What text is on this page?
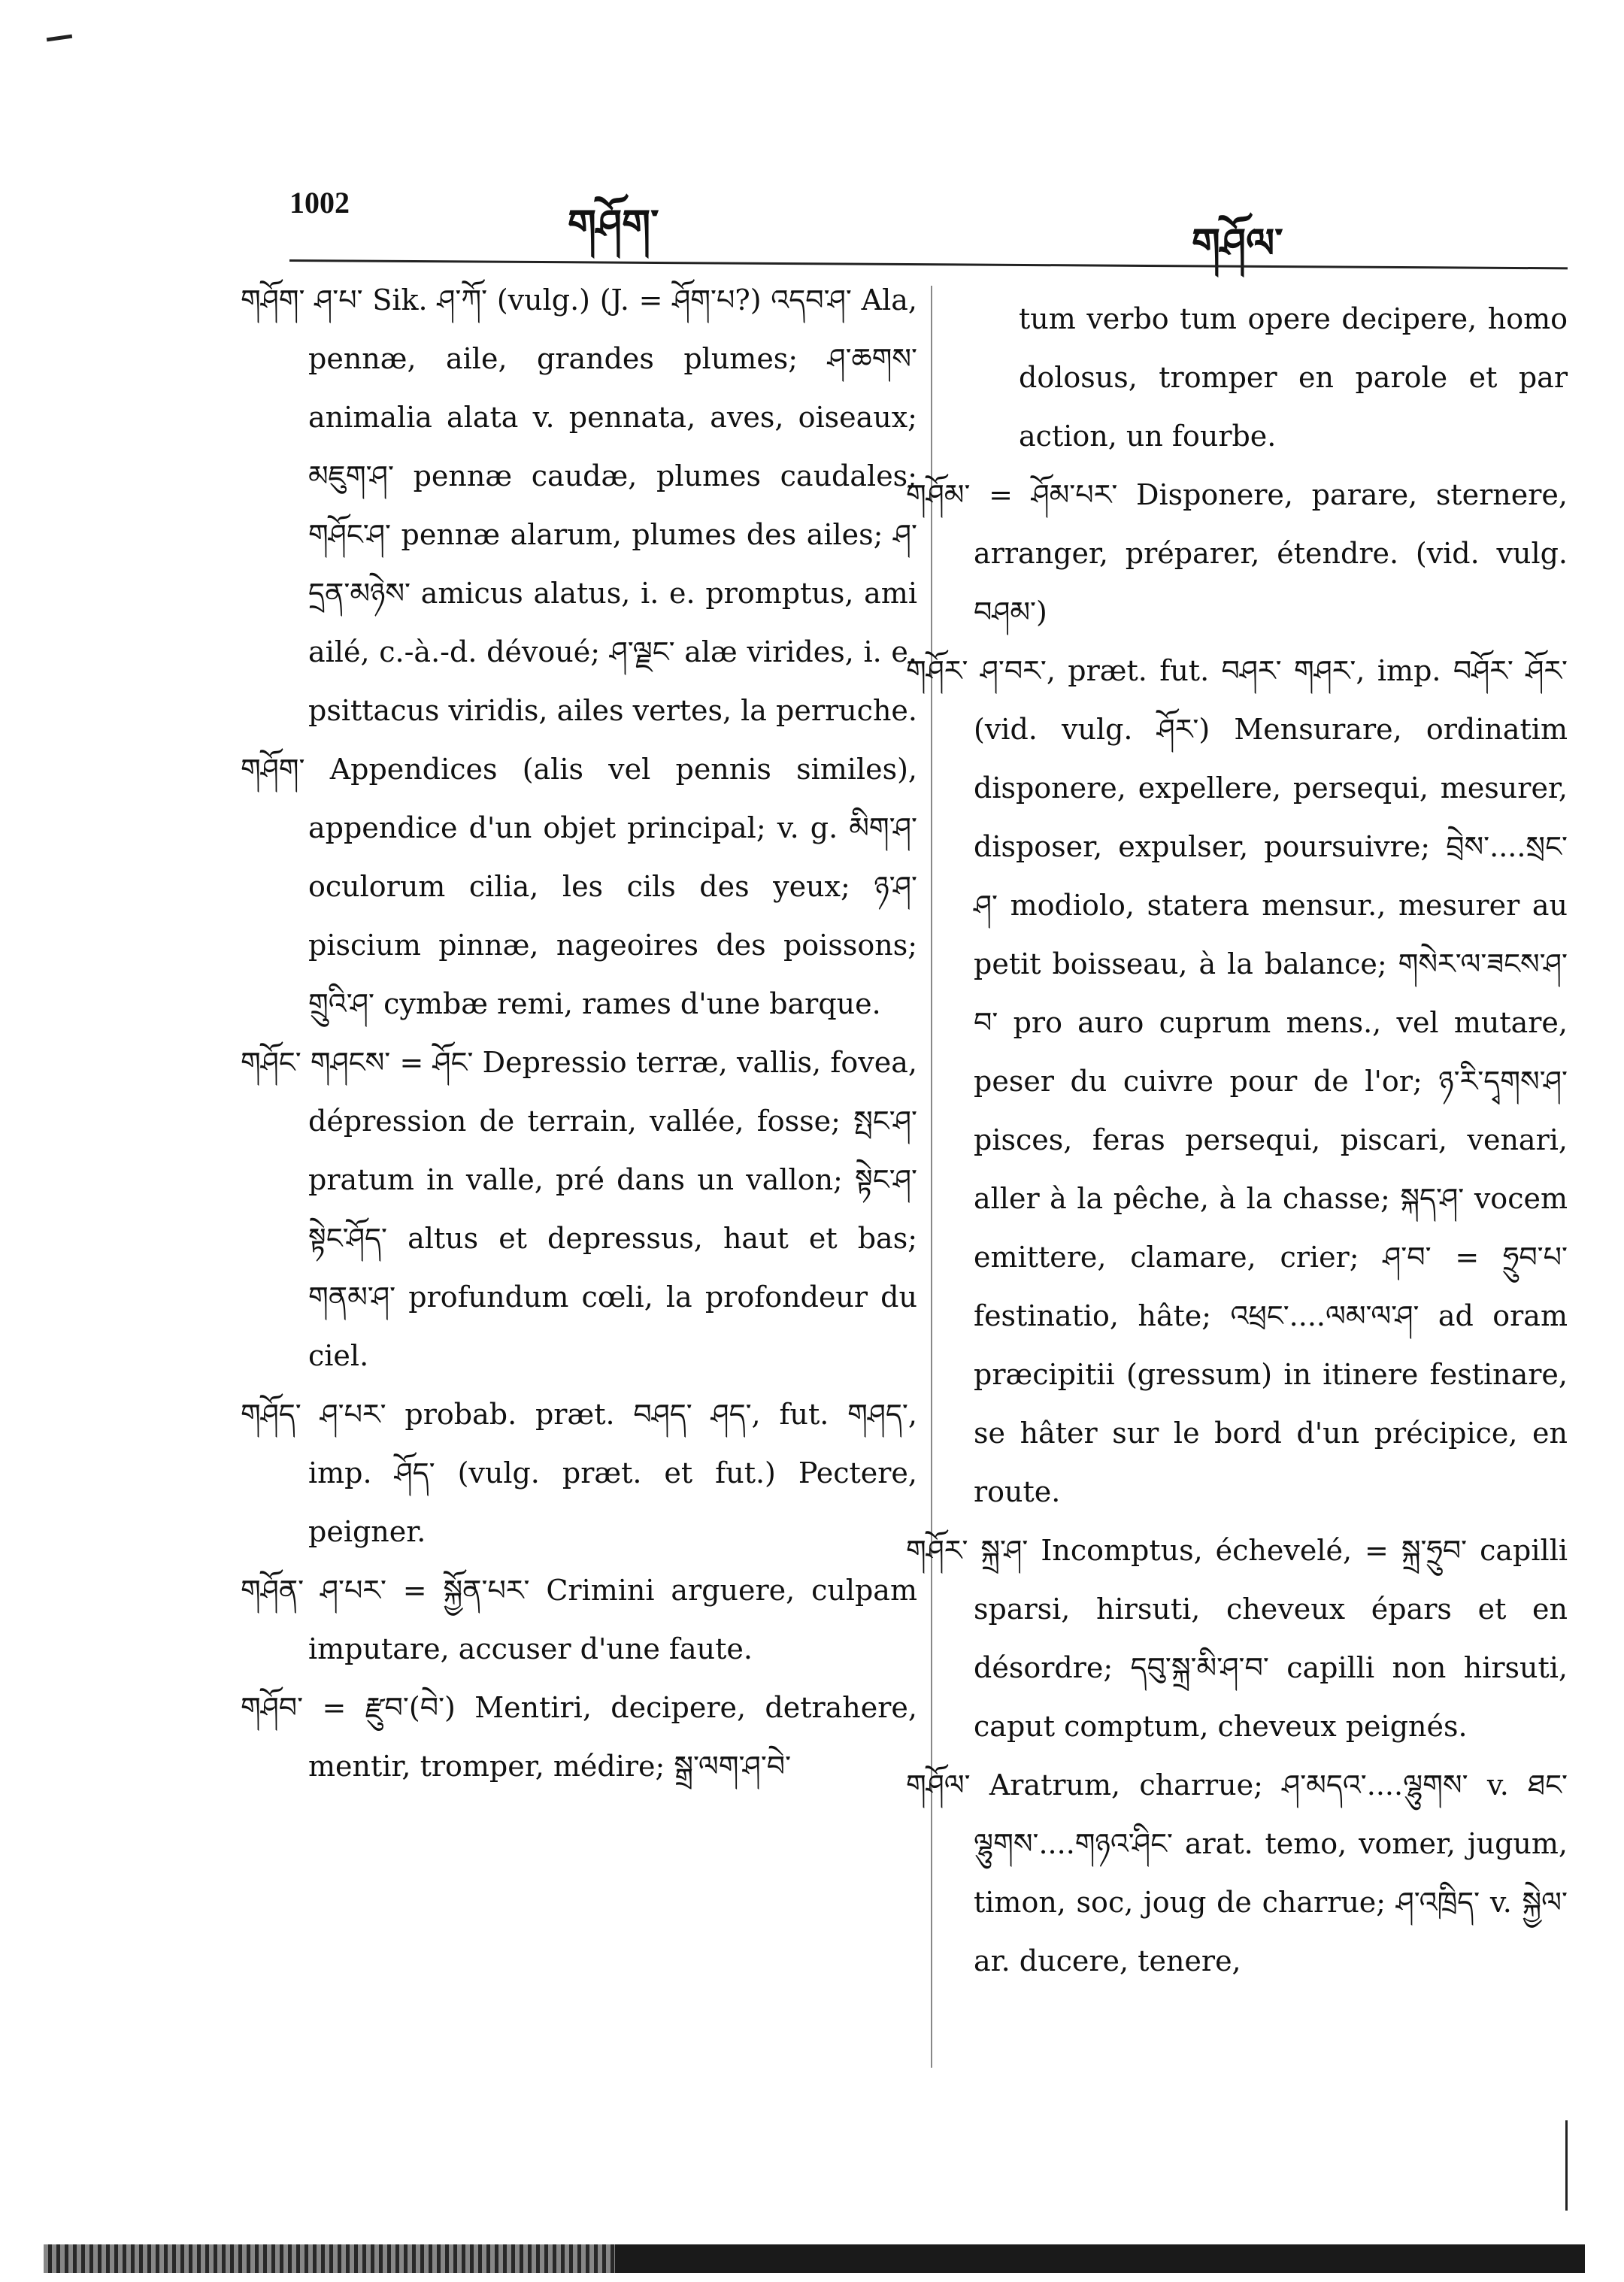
1002	གཤོག་	གཤོལ་

གཤོག་ ཤ་པ་ Sik. ཤ་ཀོ་ (vulg.) (J. = ཤོག་པ?) འདབ་ཤ་ Ala, pennæ, aile, grandes plumes; ཤ་ཆགས་ animalia alata v. pennata, aves, oiseaux; མཇུག་ཤ་ pennæ caudæ, plumes caudales; གཤོང་ཤ་ pennæ alarum, plumes des ailes; ཤ་དྲན་མཉེས་ amicus alatus, i. e. promptus, ami ailé, c.-à.-d. dévoué; ཤ་ལྗང་ alæ virides, i. e. psittacus viridis, ailes vertes, la perruche.

གཤོག་ Appendices (alis vel pennis similes), appendice d'un objet principal; v. g. མིག་ཤ་ oculorum cilia, les cils des yeux; ཉ་ཤ་ piscium pinnæ, nageoires des poissons; གྲུའི་ཤ་ cymbæ remi, rames d'une barque.

གཤོང་ གཤངས་ = ཤོང་ Depressio terræ, vallis, fovea, dépression de terrain, vallée, fosse; སྤང་ཤ་ pratum in valle, pré dans un vallon; སྟེང་ཤ་ སྟེང་ཤོད་ altus et depressus, haut et bas; གནམ་ཤ་ profundum cœli, la profondeur du ciel.

གཤོད་ ཤ་པར་ probab. præt. བཤད་ ཤད་, fut. གཤད་, imp. ཤོད་ (vulg. præt. et fut.) Pectere, peigner.

གཤོན་ ཤ་པར་ = སྐྱོན་པར་ Crimini arguere, culpam imputare, accuser d'une faute.

གཤོབ་ = རྫུབ་(བེ་) Mentiri, decipere, detrahere, mentir, tromper, médire; སྒྲ་ལག་ཤ་བེ་

tum verbo tum opere decipere, homo dolosus, tromper en parole et par action, un fourbe.

གཤོམ་ = ཤོམ་པར་ Disponere, parare, sternere, arranger, préparer, étendre. (vid. vulg. བཤམ་)

གཤོར་ ཤ་བར་, præt. fut. བཤར་ གཤར་, imp. བཤོར་ ཤོར་ (vid. vulg. ཤོར་) Mensurare, ordinatim disponere, expellere, persequi, mesurer, disposer, expulser, poursuivre; བྲེས་....སྲང་ཤ་ modiolo, statera mensur., mesurer au petit boisseau, à la balance; གསེར་ལ་ཟངས་ཤ་བ་ pro auro cuprum mens., vel mutare, peser du cuivre pour de l'or; ཉ་རི་དྭགས་ཤ་ pisces, feras persequi, piscari, venari, aller à la pêche, à la chasse; སྐད་ཤ་ vocem emittere, clamare, crier; ཤ་བ་ = ཧྲུབ་པ་ festinatio, hâte; འཕྲང་....ལམ་ལ་ཤ་ ad oram præcipitii (gressum) in itinere festinare, se hâter sur le bord d'un précipice, en route.

གཤོར་ སྐྲ་ཤ་ Incomptus, échevelé, = སྐྲ་ཧྲུབ་ capilli sparsi, hirsuti, cheveux épars et en désordre; དབུ་སྐྲ་མི་ཤ་བ་ capilli non hirsuti, caput comptum, cheveux peignés.

གཤོལ་ Aratrum, charrue; ཤ་མདའ་....ལྷུགས་ v. ཐང་ལྷུགས་....གཉའ་ཤིང་ arat. temo, vomer, jugum, timon, soc, joug de charrue; ཤ་འཁྲིད་ v. སྐྱེལ་ ar. ducere, tenere,
